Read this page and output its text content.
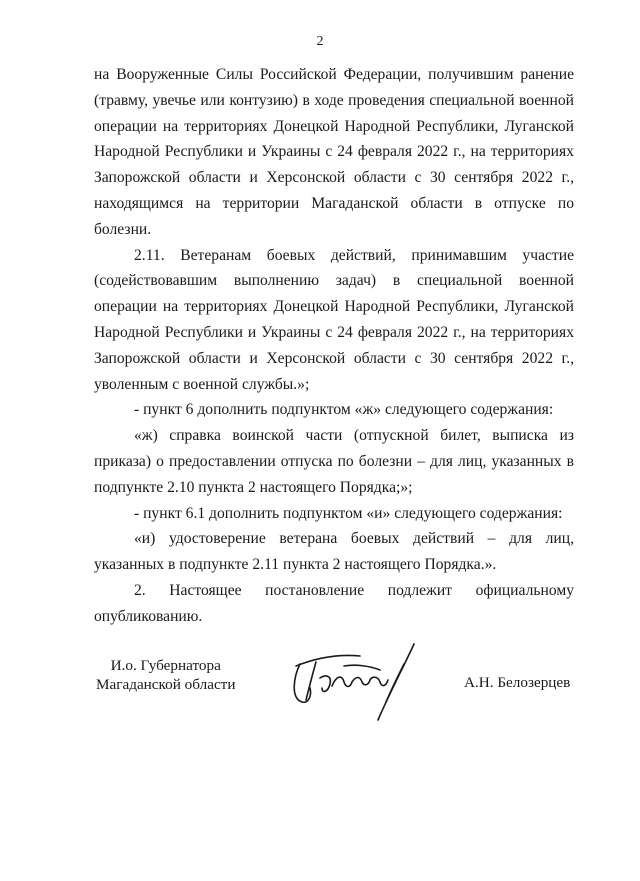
2

на Вооруженные Силы Российской Федерации, получившим ранение (травму, увечье или контузию) в ходе проведения специальной военной операции на территориях Донецкой Народной Республики, Луганской Народной Республики и Украины с 24 февраля 2022 г., на территориях Запорожской области и Херсонской области с 30 сентября 2022 г., находящимся на территории Магаданской области в отпуске по болезни.

2.11. Ветеранам боевых действий, принимавшим участие (содействовавшим выполнению задач) в специальной военной операции на территориях Донецкой Народной Республики, Луганской Народной Республики и Украины с 24 февраля 2022 г., на территориях Запорожской области и Херсонской области с 30 сентября 2022 г., уволенным с военной службы.»;

- пункт 6 дополнить подпунктом «ж» следующего содержания:

«ж) справка воинской части (отпускной билет, выписка из приказа) о предоставлении отпуска по болезни – для лиц, указанных в подпункте 2.10 пункта 2 настоящего Порядка;»;

- пункт 6.1 дополнить подпунктом «и» следующего содержания:

«и) удостоверение ветерана боевых действий – для лиц, указанных в подпункте 2.11 пункта 2 настоящего Порядка.».

2. Настоящее постановление подлежит официальному опубликованию.

И.о. Губернатора
Магаданской области	А.Н. Белозерцев
